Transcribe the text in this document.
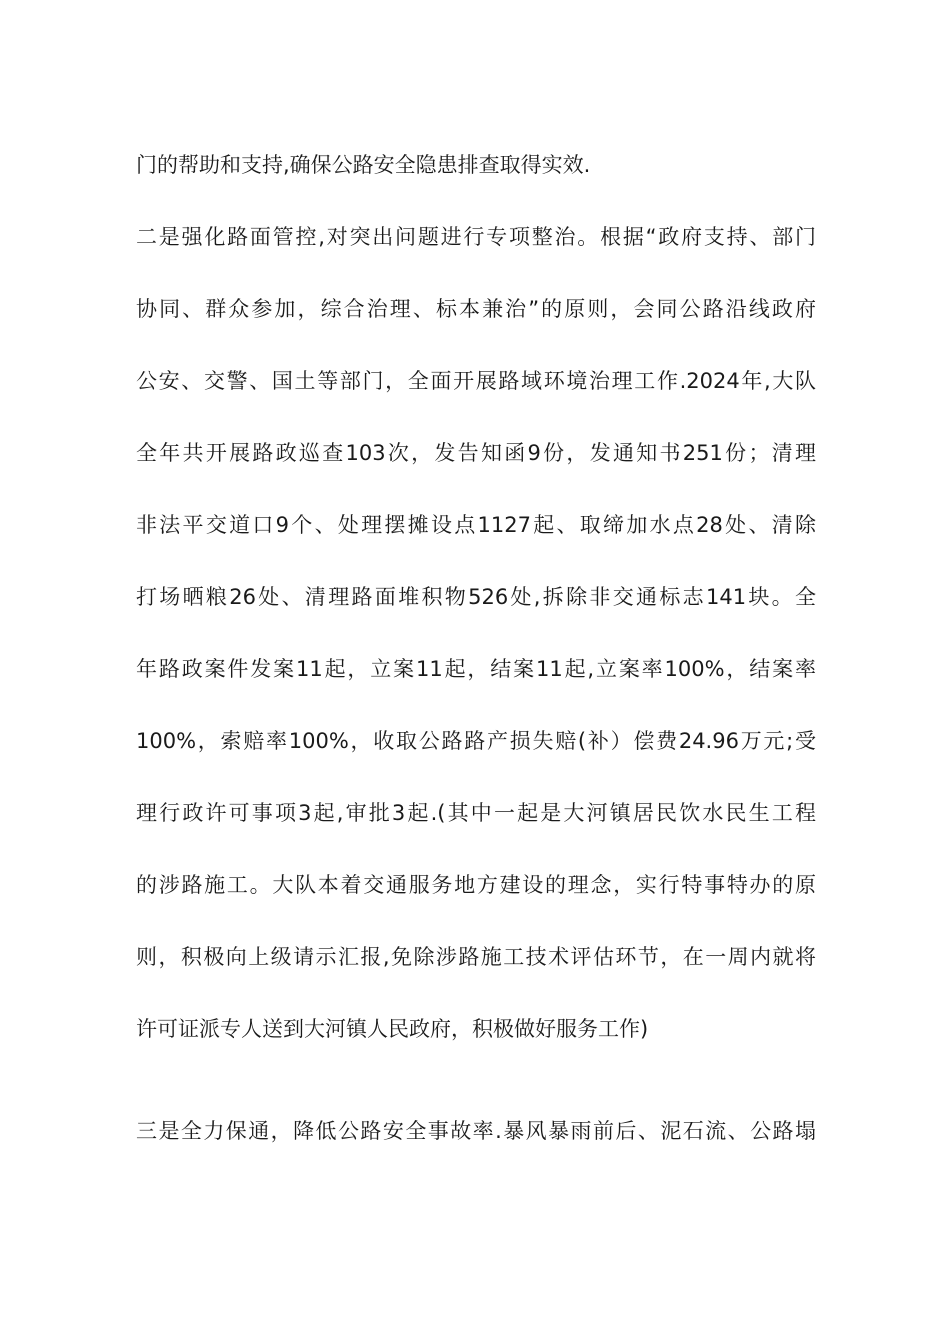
门的帮助和支持,确保公路安全隐患排查取得实效.
二是强化路面管控,对突出问题进行专项整治。根据“政府支持、部门
协同、群众参加，综合治理、标本兼治”的原则，会同公路沿线政府
公安、交警、国土等部门，全面开展路域环境治理工作.2024年,大队
全年共开展路政巡查103次，发告知函9份，发通知书251份；清理
非法平交道口9个、处理摆摊设点1127起、取缔加水点28处、清除
打场晒粮26处、清理路面堆积物526处,拆除非交通标志141块。全
年路政案件发案11起，立案11起，结案11起,立案率100%，结案率
100%，索赔率100%，收取公路路产损失赔(补）偿费24.96万元;受
理行政许可事项3起,审批3起.(其中一起是大河镇居民饮水民生工程
的涉路施工。大队本着交通服务地方建设的理念，实行特事特办的原
则，积极向上级请示汇报,免除涉路施工技术评估环节，在一周内就将
许可证派专人送到大河镇人民政府，积极做好服务工作)
三是全力保通，降低公路安全事故率.暴风暴雨前后、泥石流、公路塌
